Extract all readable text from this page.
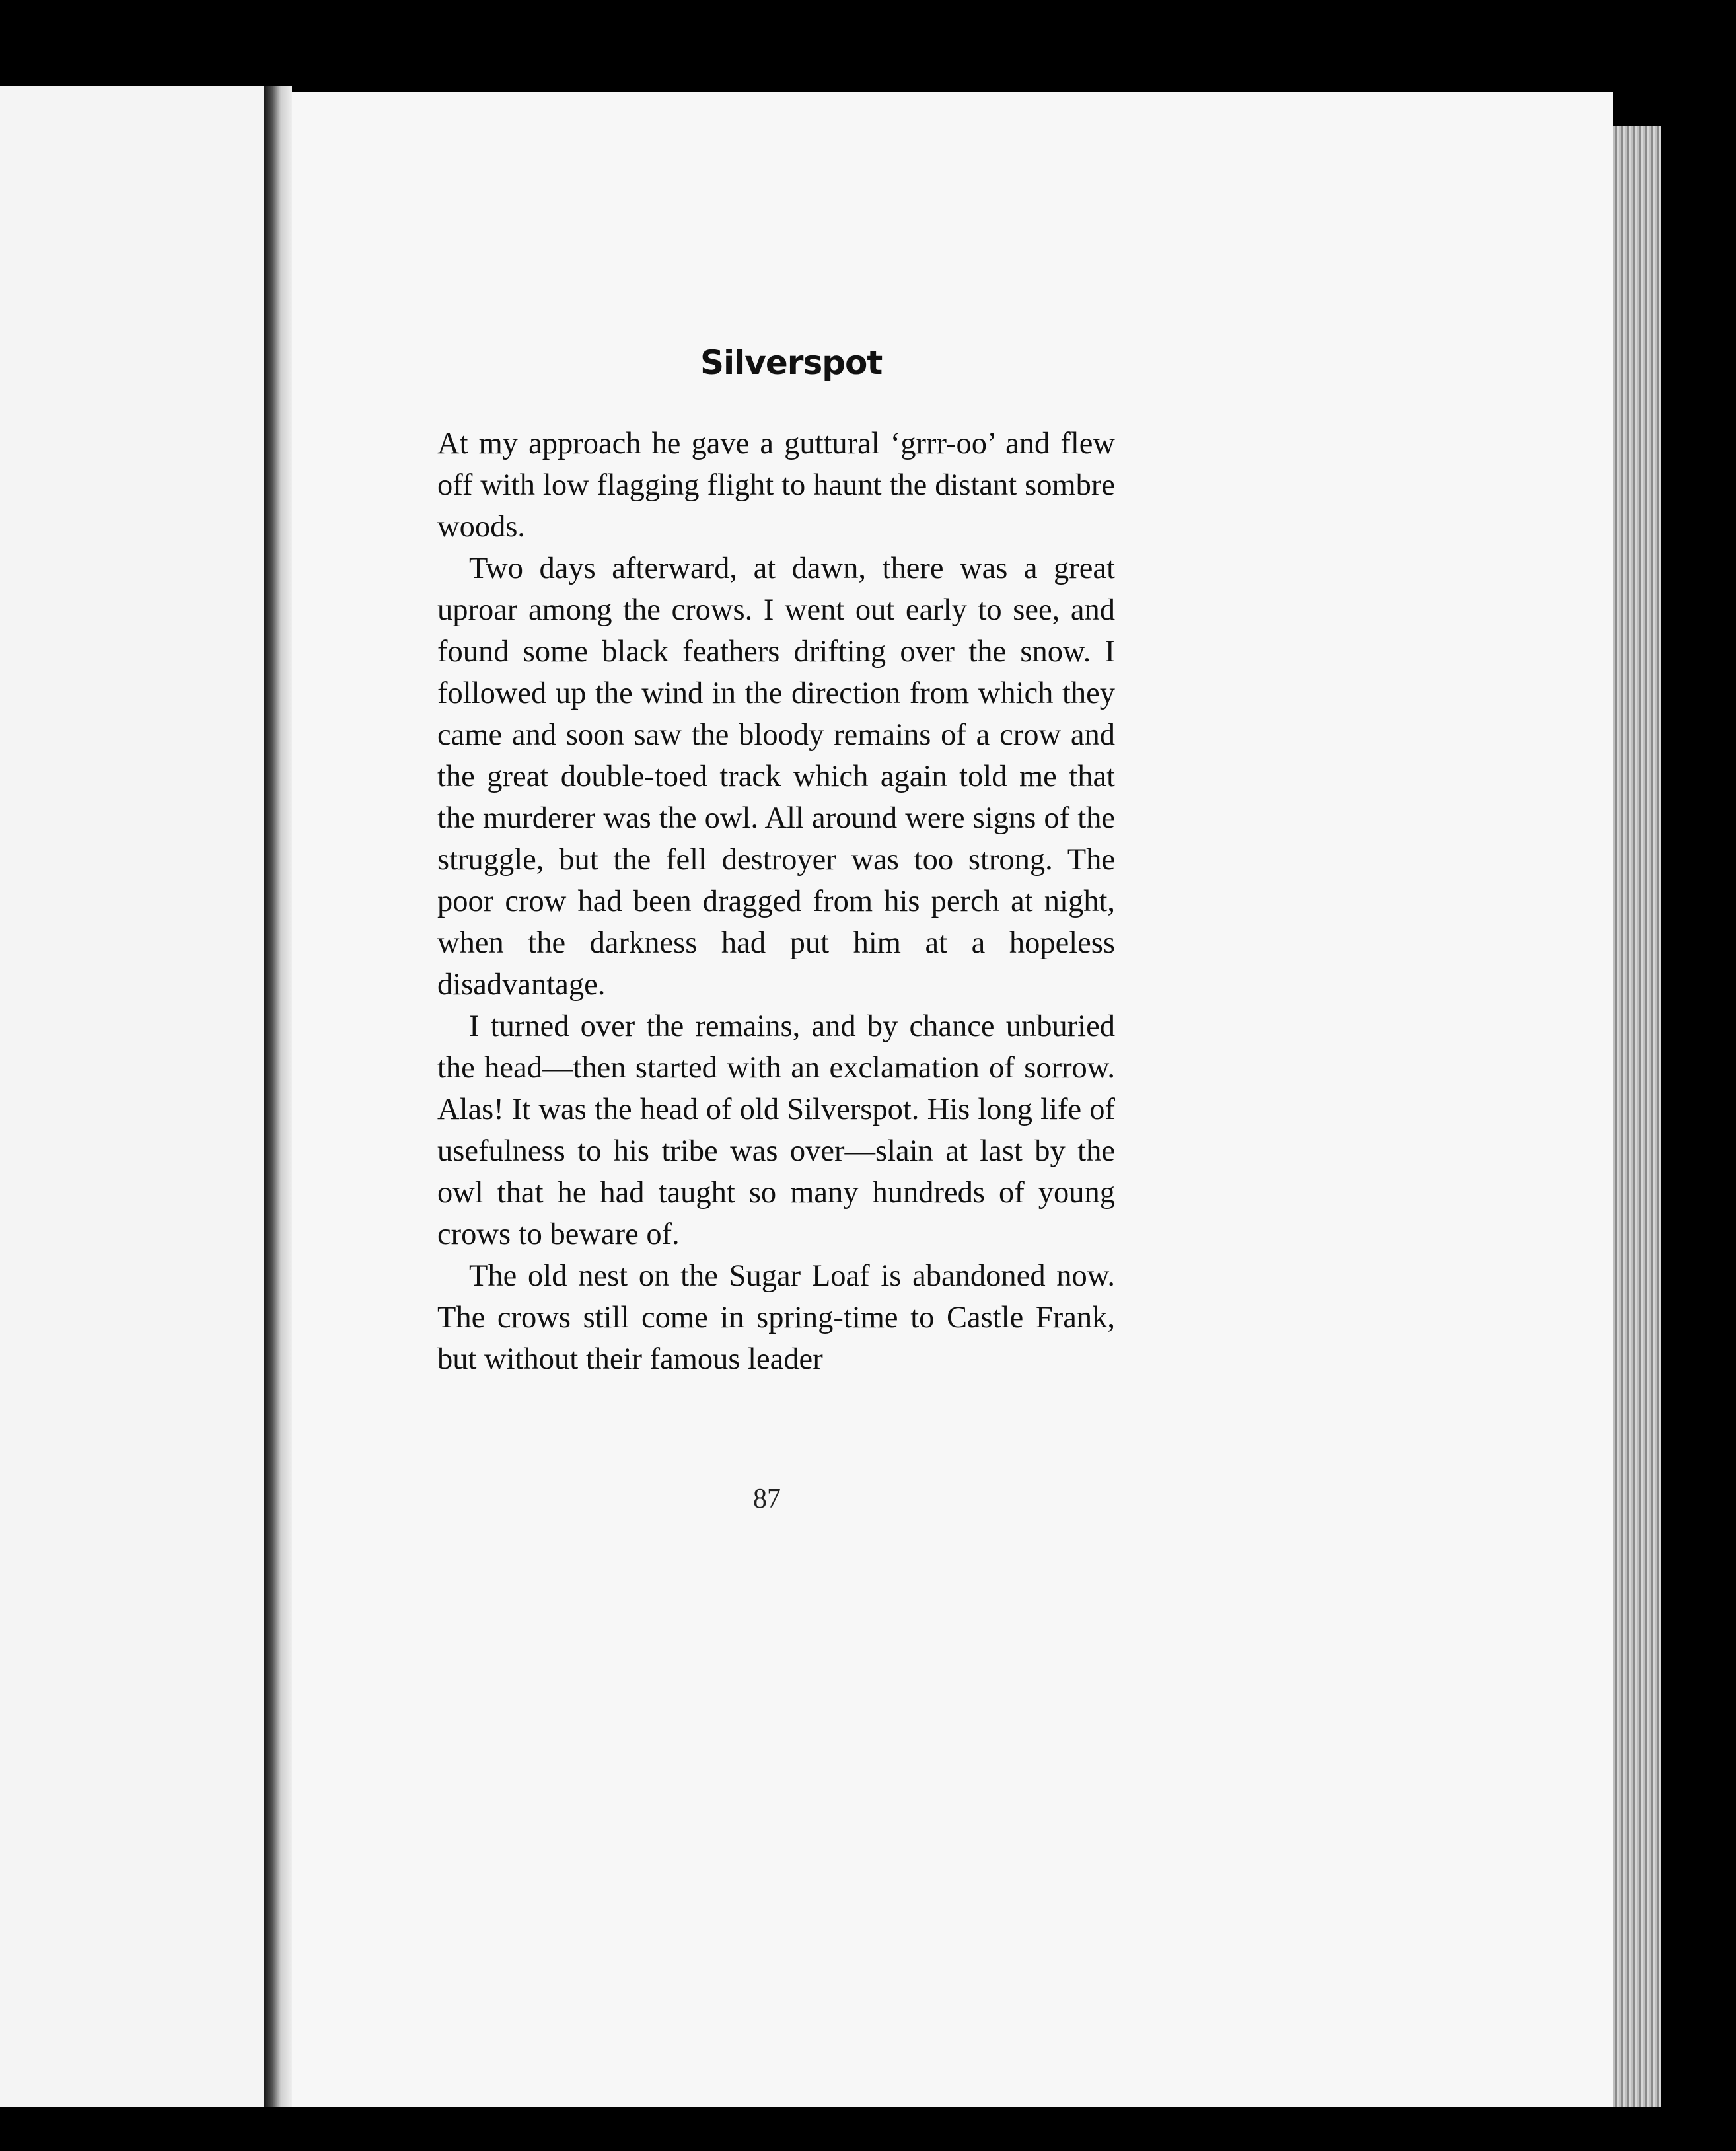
Silverspot

At my approach he gave a guttural ‘grrr-oo’ and flew off with low flagging flight to haunt the distant sombre woods.

Two days afterward, at dawn, there was a great uproar among the crows. I went out early to see, and found some black feathers drifting over the snow. I followed up the wind in the direction from which they came and soon saw the bloody remains of a crow and the great double-toed track which again told me that the murderer was the owl. All around were signs of the struggle, but the fell destroyer was too strong. The poor crow had been dragged from his perch at night, when the darkness had put him at a hopeless disadvantage.

I turned over the remains, and by chance unburied the head—then started with an exclamation of sorrow. Alas! It was the head of old Silverspot. His long life of usefulness to his tribe was over—slain at last by the owl that he had taught so many hundreds of young crows to beware of.

The old nest on the Sugar Loaf is abandoned now. The crows still come in spring-time to Castle Frank, but without their famous leader

87
